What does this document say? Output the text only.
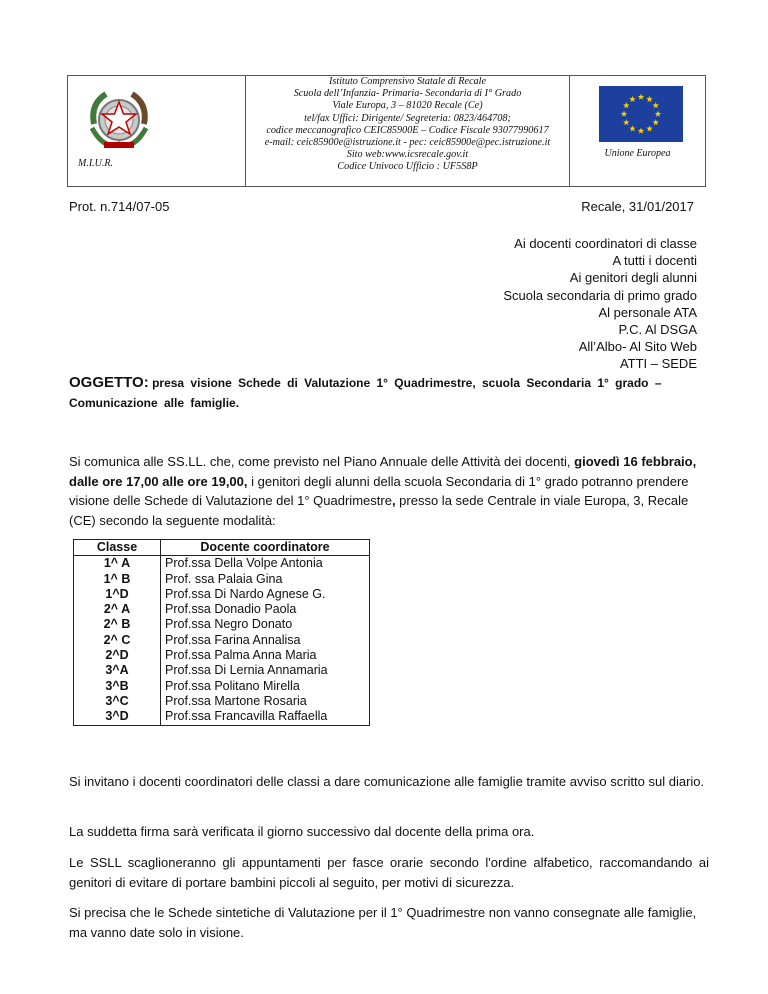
M.I.U.R.
Istituto Comprensivo Statale di Recale
Scuola dell’Infanzia- Primaria- Secondaria di I° Grado
Viale Europa, 3 – 81020 Recale (Ce)
tel/fax Uffici: Dirigente/ Segreteria: 0823/464708;
codice meccanografico CEIC85900E – Codice Fiscale 93077990617
e-mail: ceic85900e@istruzione.it - pec: ceic85900e@pec.istruzione.it
Sito web:www.icsrecale.gov.it
Codice Univoco Ufficio : UF5S8P
Unione Europea
Prot. n.714/07-05	Recale, 31/01/2017
Ai docenti coordinatori di classe
A tutti i docenti
Ai genitori degli alunni
Scuola secondaria di primo grado
Al personale ATA
P.C. Al DSGA
All’Albo- Al Sito Web
ATTI – SEDE
OGGETTO: presa visione Schede di Valutazione 1° Quadrimestre, scuola Secondaria 1° grado – Comunicazione alle famiglie.
Si comunica alle SS.LL. che, come previsto nel Piano Annuale delle Attività dei docenti, giovedì 16 febbraio, dalle ore 17,00 alle ore 19,00, i genitori degli alunni della scuola Secondaria di 1° grado potranno prendere visione delle Schede di Valutazione del 1° Quadrimestre, presso la sede Centrale in viale Europa, 3, Recale (CE) secondo la seguente modalità:
Classe	Docente coordinatore
1^ A	Prof.ssa Della Volpe Antonia
1^ B	Prof. ssa Palaia Gina
1^D	Prof.ssa Di Nardo Agnese G.
2^ A	Prof.ssa Donadio Paola
2^ B	Prof.ssa Negro Donato
2^ C	Prof.ssa Farina Annalisa
2^D	Prof.ssa Palma Anna Maria
3^A	Prof.ssa Di Lernia Annamaria
3^B	Prof.ssa Politano Mirella
3^C	Prof.ssa Martone Rosaria
3^D	Prof.ssa Francavilla Raffaella
Si invitano i docenti coordinatori delle classi a dare comunicazione alle famiglie tramite avviso scritto sul diario.
La suddetta firma sarà verificata il giorno successivo dal docente della prima ora.
Le SSLL scaglioneranno gli appuntamenti per fasce orarie secondo l'ordine alfabetico, raccomandando ai genitori di evitare di portare bambini piccoli al seguito, per motivi di sicurezza.
Si precisa che le Schede sintetiche di Valutazione per il 1° Quadrimestre non vanno consegnate alle famiglie, ma vanno date solo in visione.
